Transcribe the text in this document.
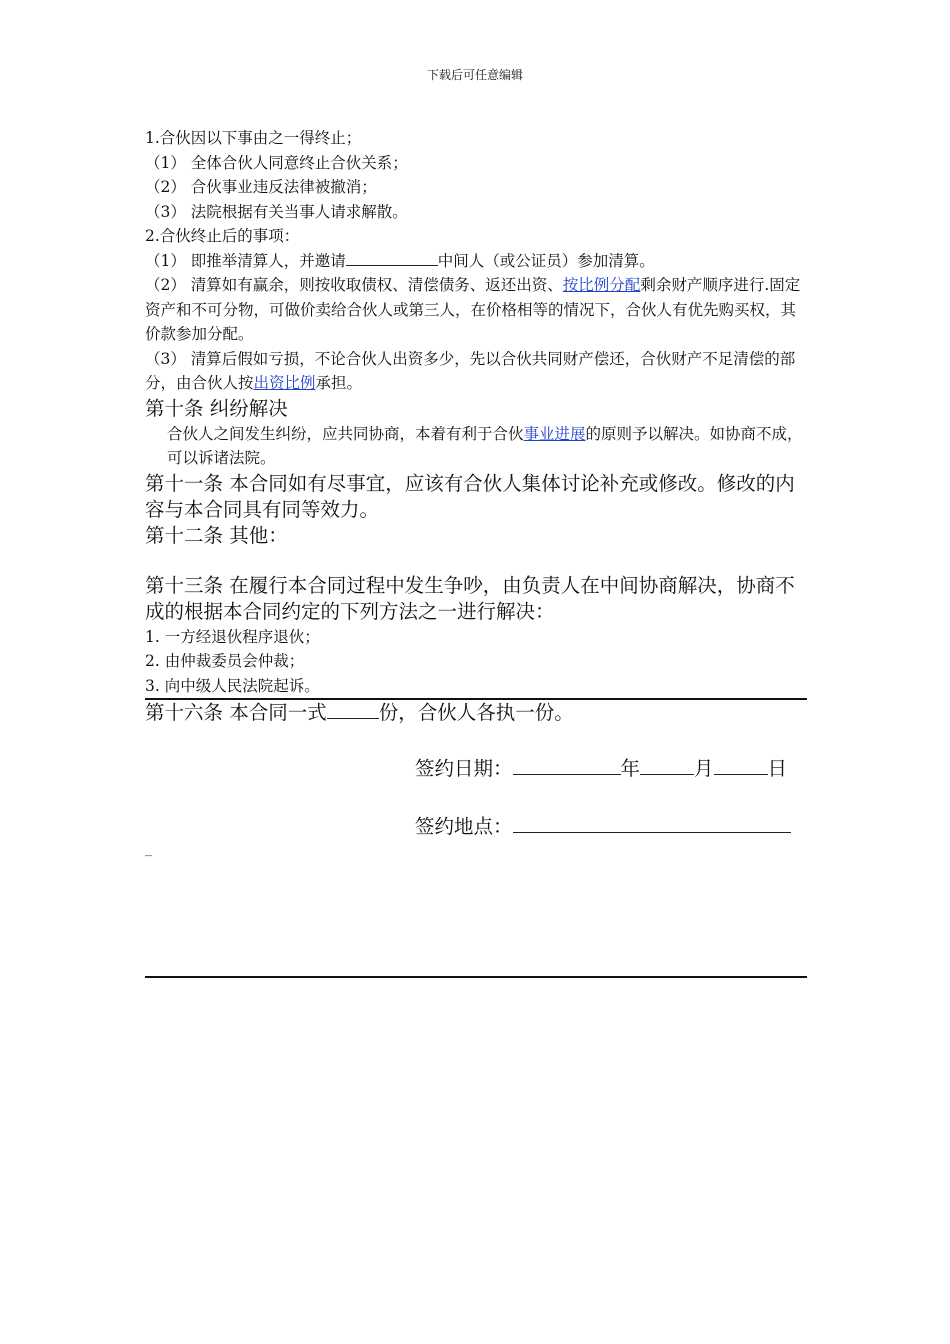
下载后可任意编辑
1.合伙因以下事由之一得终止；
（1） 全体合伙人同意终止合伙关系；
（2） 合伙事业违反法律被撤消；
（3） 法院根据有关当事人请求解散。
2.合伙终止后的事项：
（1） 即推举清算人，并邀请	中间人（或公证员）参加清算。
（2） 清算如有赢余，则按收取债权、清偿债务、返还出资、按比例分配剩余财产顺序进行.固定资产和不可分物，可做价卖给合伙人或第三人，在价格相等的情况下，合伙人有优先购买权，其价款参加分配。
（3） 清算后假如亏损，不论合伙人出资多少，先以合伙共同财产偿还，合伙财产不足清偿的部分，由合伙人按出资比例承担。
第十条 纠纷解决
合伙人之间发生纠纷，应共同协商，本着有利于合伙事业进展的原则予以解决。如协商不成，可以诉诸法院。
第十一条 本合同如有尽事宜，应该有合伙人集体讨论补充或修改。修改的内容与本合同具有同等效力。
第十二条 其他：
第十三条 在履行本合同过程中发生争吵，由负责人在中间协商解决，协商不成的根据本合同约定的下列方法之一进行解决：
1. 一方经退伙程序退伙；
2. 由仲裁委员会仲裁；
3. 向中级人民法院起诉。
第十六条 本合同一式	份，合伙人各执一份。
签约日期：	年	月	日
签约地点：
_
